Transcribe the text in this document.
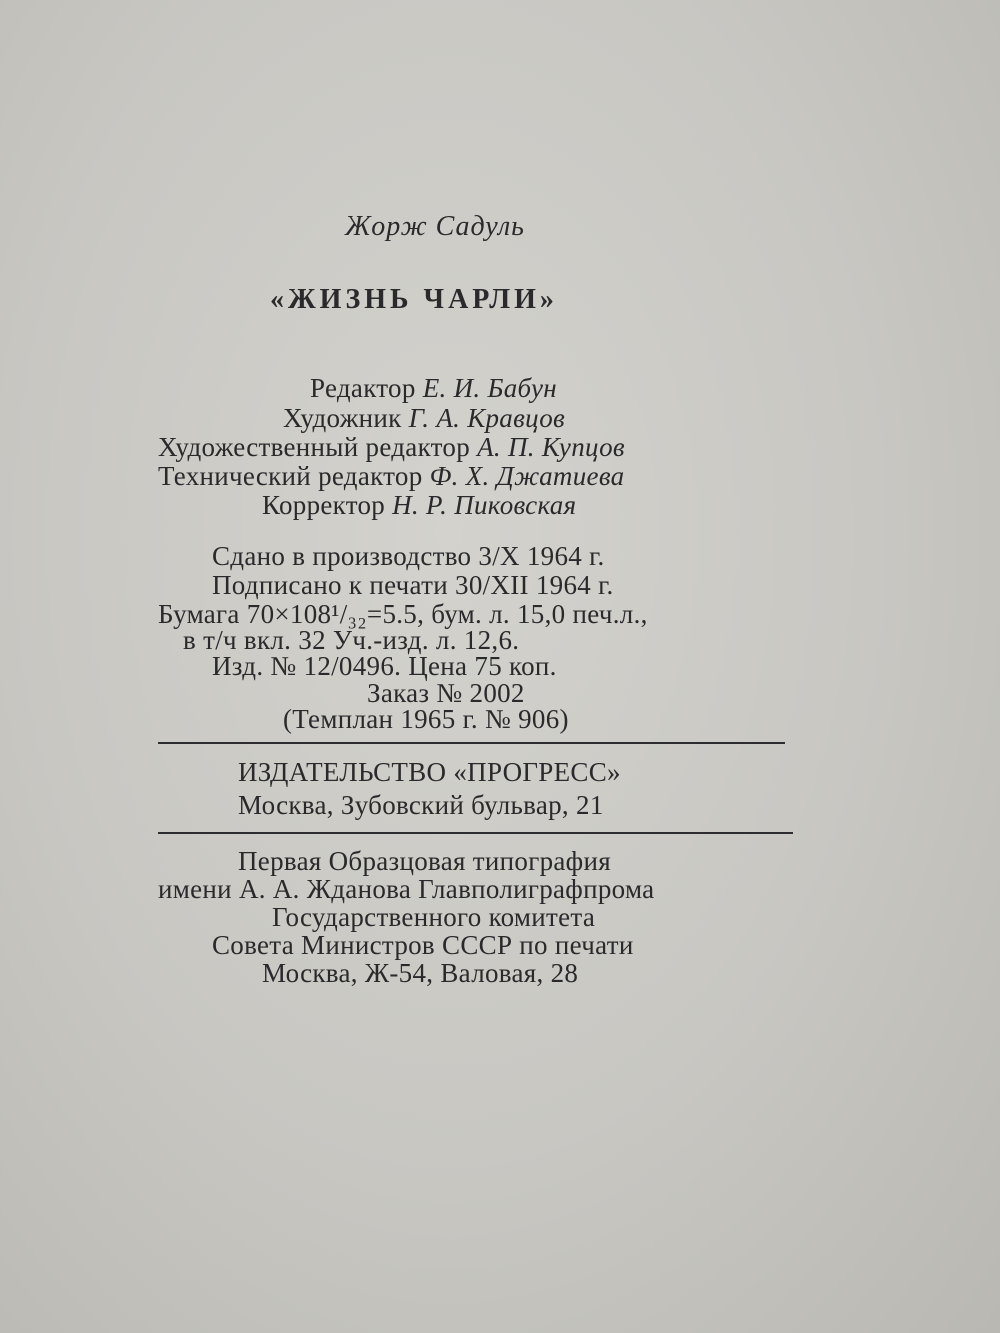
Жорж Садуль
«ЖИЗНЬ ЧАРЛИ»
Редактор Е. И. Бабун
Художник Г. А. Кравцов
Художественный редактор А. П. Купцов
Технический редактор Ф. Х. Джатиева
Корректор Н. Р. Пиковская
Сдано в производство 3/X 1964 г.
Подписано к печати 30/XII 1964 г.
Бумага 70×108¹/₃₂=5.5, бум. л. 15,0 печ.л.,
в т/ч вкл. 32 Уч.-изд. л. 12,6.
Изд. № 12/0496. Цена 75 коп.
Заказ № 2002
(Темплан 1965 г. № 906)
ИЗДАТЕЛЬСТВО «ПРОГРЕСС»
Москва, Зубовский бульвар, 21
Первая Образцовая типография
имени А. А. Жданова Главполиграфпрома
Государственного комитета
Совета Министров СССР по печати
Москва, Ж-54, Валовая, 28
